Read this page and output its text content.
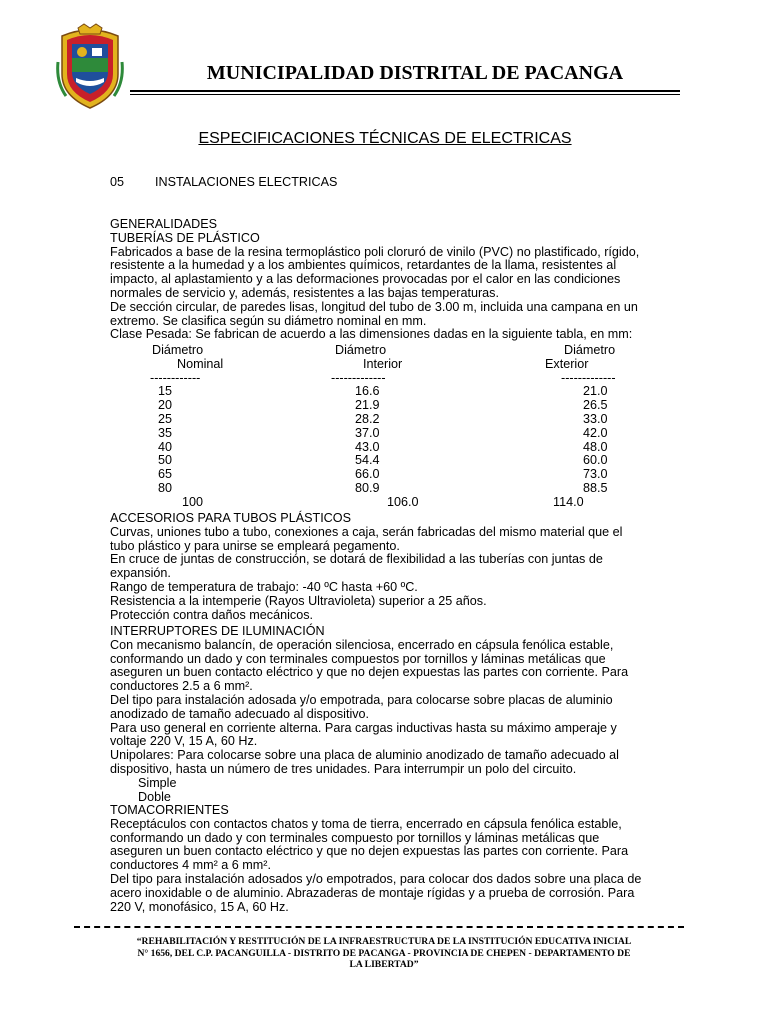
MUNICIPALIDAD DISTRITAL DE PACANGA
ESPECIFICACIONES TÉCNICAS DE ELECTRICAS
05 INSTALACIONES ELECTRICAS
GENERALIDADES
TUBERÍAS DE PLÁSTICO
Fabricados a base de la resina termoplástico poli cloruró de vinilo (PVC) no plastificado, rígido,
resistente a la humedad y a los ambientes químicos, retardantes de la llama, resistentes al
impacto, al aplastamiento y a las deformaciones provocadas por el calor en las condiciones
normales de servicio y, además, resistentes a las bajas temperaturas.
De sección circular, de paredes lisas, longitud del tubo de 3.00 m, incluida una campana en un
extremo. Se clasifica según su diámetro nominal en mm.
Clase Pesada: Se fabrican de acuerdo a las dimensiones dadas en la siguiente tabla, en mm:
Diámetro	Diámetro	Diámetro
Nominal	Interior	Exterior
------------	-------------	-------------
15	16.6	21.0
20	21.9	26.5
25	28.2	33.0
35	37.0	42.0
40	43.0	48.0
50	54.4	60.0
65	66.0	73.0
80	80.9	88.5
100	106.0	114.0
ACCESORIOS PARA TUBOS PLÁSTICOS
Curvas, uniones tubo a tubo, conexiones a caja, serán fabricadas del mismo material que el
tubo plástico y para unirse se empleará pegamento.
En cruce de juntas de construcción, se dotará de flexibilidad a las tuberías con juntas de
expansión.
Rango de temperatura de trabajo: -40 ºC hasta +60 ºC.
Resistencia a la intemperie (Rayos Ultravioleta) superior a 25 años.
Protección contra daños mecánicos.
INTERRUPTORES DE ILUMINACIÓN
Con mecanismo balancín, de operación silenciosa, encerrado en cápsula fenólica estable,
conformando un dado y con terminales compuestos por tornillos y láminas metálicas que
aseguren un buen contacto eléctrico y que no dejen expuestas las partes con corriente. Para
conductores 2.5 a 6 mm².
Del tipo para instalación adosada y/o empotrada, para colocarse sobre placas de aluminio
anodizado de tamaño adecuado al dispositivo.
Para uso general en corriente alterna. Para cargas inductivas hasta su máximo amperaje y
voltaje 220 V, 15 A, 60 Hz.
Unipolares: Para colocarse sobre una placa de aluminio anodizado de tamaño adecuado al
dispositivo, hasta un número de tres unidades. Para interrumpir un polo del circuito.
Simple
Doble
TOMACORRIENTES
Receptáculos con contactos chatos y toma de tierra, encerrado en cápsula fenólica estable,
conformando un dado y con terminales compuesto por tornillos y láminas metálicas que
aseguren un buen contacto eléctrico y que no dejen expuestas las partes con corriente. Para
conductores 4 mm² a 6 mm².
Del tipo para instalación adosados y/o empotrados, para colocar dos dados sobre una placa de
acero inoxidable o de aluminio. Abrazaderas de montaje rígidas y a prueba de corrosión. Para
220 V, monofásico, 15 A, 60 Hz.
“REHABILITACIÓN Y RESTITUCIÓN DE LA INFRAESTRUCTURA DE LA INSTITUCIÓN EDUCATIVA INICIAL
N° 1656, DEL C.P. PACANGUILLA - DISTRITO DE PACANGA - PROVINCIA DE CHEPEN - DEPARTAMENTO DE
LA LIBERTAD”
